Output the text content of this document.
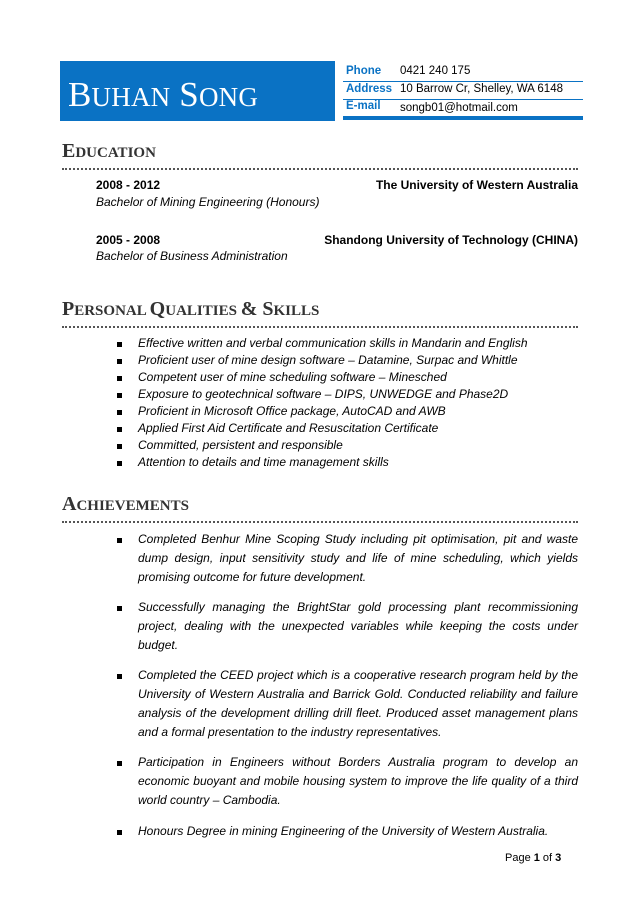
BUHAN SONG
Phone 0421 240 175
Address 10 Barrow Cr, Shelley, WA 6148
E-mail songb01@hotmail.com
EDUCATION
2008 - 2012	The University of Western Australia
Bachelor of Mining Engineering (Honours)
2005 - 2008	Shandong University of Technology (CHINA)
Bachelor of Business Administration
PERSONAL QUALITIES & SKILLS
Effective written and verbal communication skills in Mandarin and English
Proficient user of mine design software – Datamine, Surpac and Whittle
Competent user of mine scheduling software – Minesched
Exposure to geotechnical software – DIPS, UNWEDGE and Phase2D
Proficient in Microsoft Office package, AutoCAD and AWB
Applied First Aid Certificate and Resuscitation Certificate
Committed, persistent and responsible
Attention to details and time management skills
ACHIEVEMENTS
Completed Benhur Mine Scoping Study including pit optimisation, pit and waste dump design, input sensitivity study and life of mine scheduling, which yields promising outcome for future development.
Successfully managing the BrightStar gold processing plant recommissioning project, dealing with the unexpected variables while keeping the costs under budget.
Completed the CEED project which is a cooperative research program held by the University of Western Australia and Barrick Gold. Conducted reliability and failure analysis of the development drilling drill fleet. Produced asset management plans and a formal presentation to the industry representatives.
Participation in Engineers without Borders Australia program to develop an economic buoyant and mobile housing system to improve the life quality of a third world country – Cambodia.
Honours Degree in mining Engineering of the University of Western Australia.
Page 1 of 3
